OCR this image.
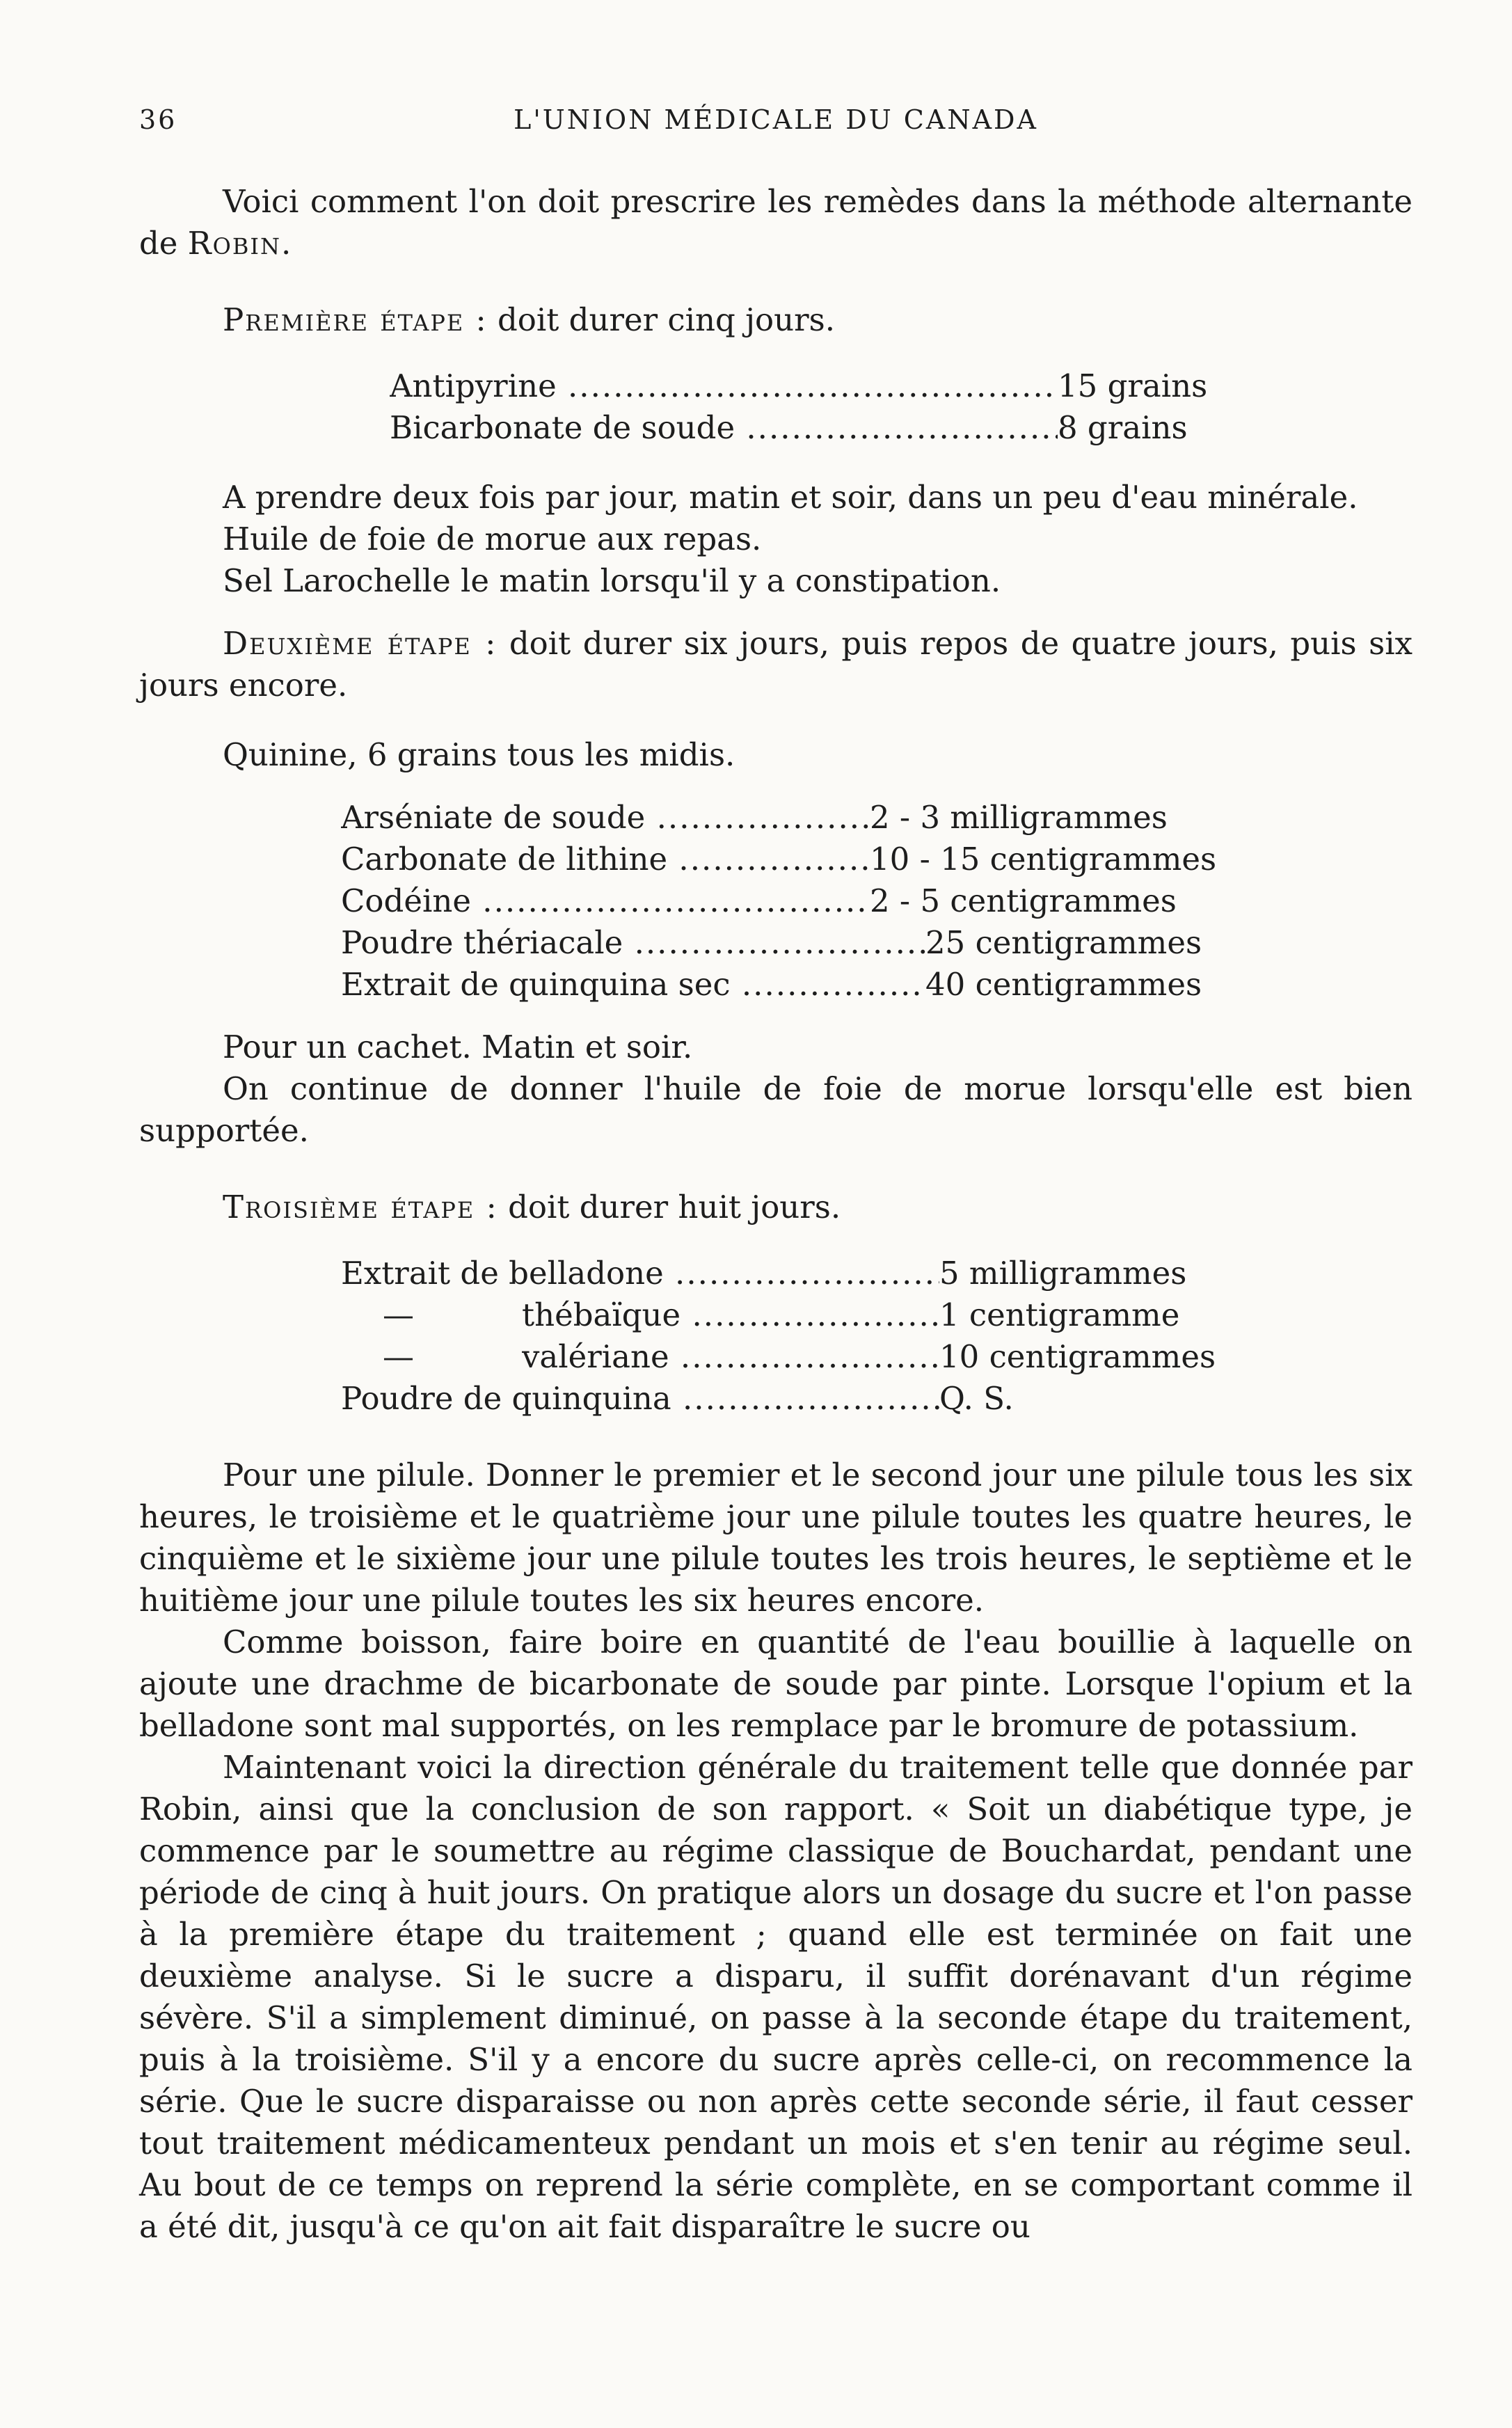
36	L'UNION MÉDICALE DU CANADA

Voici comment l'on doit prescrire les remèdes dans la méthode alternante de Robin.

Première étape : doit durer cinq jours.

Antipyrine .....	15 grains
Bicarbonate de soude .....	8 grains

A prendre deux fois par jour, matin et soir, dans un peu d'eau minérale.

Huile de foie de morue aux repas.

Sel Larochelle le matin lorsqu'il y a constipation.

Deuxième étape : doit durer six jours, puis repos de quatre jours, puis six jours encore.

Quinine, 6 grains tous les midis.

Arséniate de soude .....	2 - 3 milligrammes
Carbonate de lithine .....	10 - 15 centigrammes
Codéine .....	2 - 5 centigrammes
Poudre thériacale .....	25 centigrammes
Extrait de quinquina sec .....	40 centigrammes

Pour un cachet. Matin et soir.

On continue de donner l'huile de foie de morue lorsqu'elle est bien supportée.

Troisième étape : doit durer huit jours.

Extrait de belladone .....	5 milligrammes
—	thébaïque .....	1 centigramme
—	valériane .....	10 centigrammes
Poudre de quinquina .....	Q. S.

Pour une pilule. Donner le premier et le second jour une pilule tous les six heures, le troisième et le quatrième jour une pilule toutes les quatre heures, le cinquième et le sixième jour une pilule toutes les trois heures, le septième et le huitième jour une pilule toutes les six heures encore.

Comme boisson, faire boire en quantité de l'eau bouillie à laquelle on ajoute une drachme de bicarbonate de soude par pinte. Lorsque l'opium et la belladone sont mal supportés, on les remplace par le bromure de potassium.

Maintenant voici la direction générale du traitement telle que donnée par Robin, ainsi que la conclusion de son rapport. « Soit un diabétique type, je commence par le soumettre au régime classique de Bouchardat, pendant une période de cinq à huit jours. On pratique alors un dosage du sucre et l'on passe à la première étape du traitement ; quand elle est terminée on fait une deuxième analyse. Si le sucre a disparu, il suffit dorénavant d'un régime sévère. S'il a simplement diminué, on passe à la seconde étape du traitement, puis à la troisième. S'il y a encore du sucre après celle-ci, on recommence la série. Que le sucre disparaisse ou non après cette seconde série, il faut cesser tout traitement médicamenteux pendant un mois et s'en tenir au régime seul. Au bout de ce temps on reprend la série complète, en se comportant comme il a été dit, jusqu'à ce qu'on ait fait disparaître le sucre ou
